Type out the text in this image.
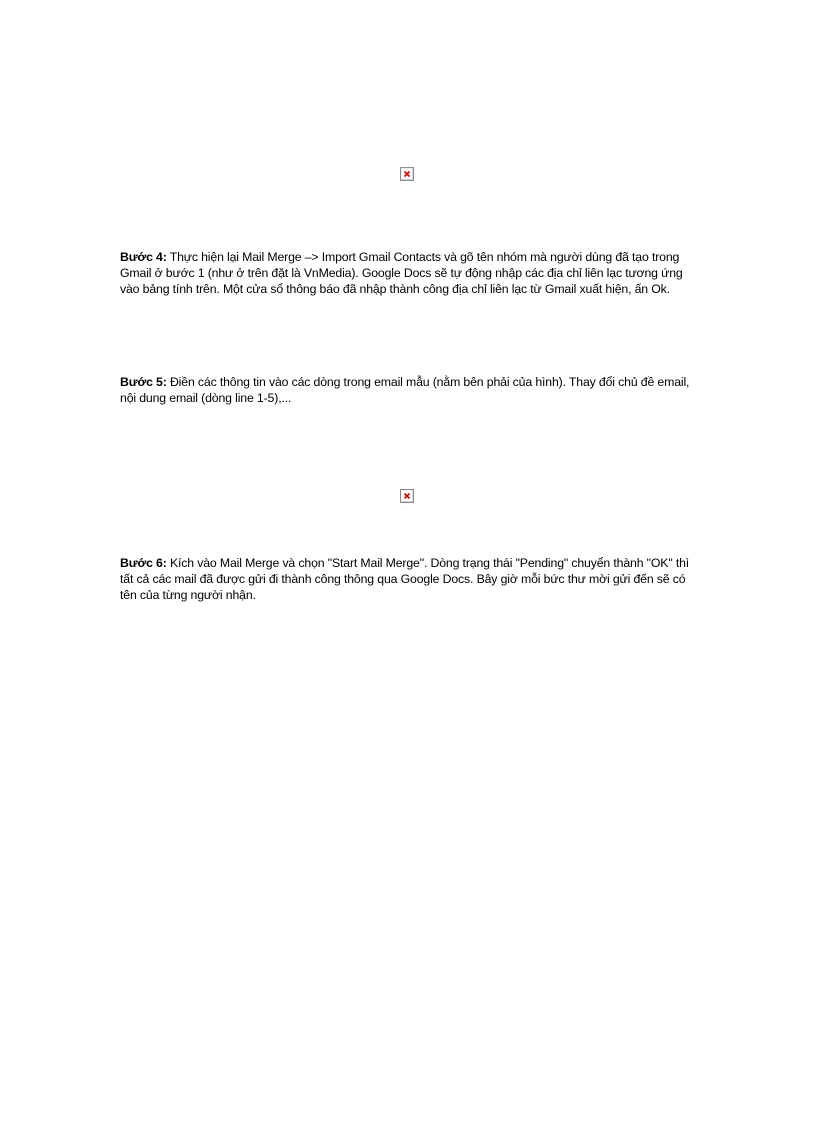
Bước 4: Thực hiện lại Mail Merge –> Import Gmail Contacts và gõ tên nhóm mà người dùng đã tạo trong Gmail ở bước 1 (như ở trên đặt là VnMedia). Google Docs sẽ tự động nhập các địa chỉ liên lạc tương ứng vào bảng tính trên. Một cửa sổ thông báo đã nhập thành công địa chỉ liên lạc từ Gmail xuất hiện, ấn Ok.

Bước 5: Điền các thông tin vào các dòng trong email mẫu (nằm bên phải của hình). Thay đổi chủ đề email, nội dung email (dòng line 1-5),...

Bước 6: Kích vào Mail Merge và chọn "Start Mail Merge". Dòng trạng thái "Pending" chuyển thành "OK" thì tất cả các mail đã được gửi đi thành công thông qua Google Docs. Bây giờ mỗi bức thư mời gửi đến sẽ có tên của từng người nhận.
